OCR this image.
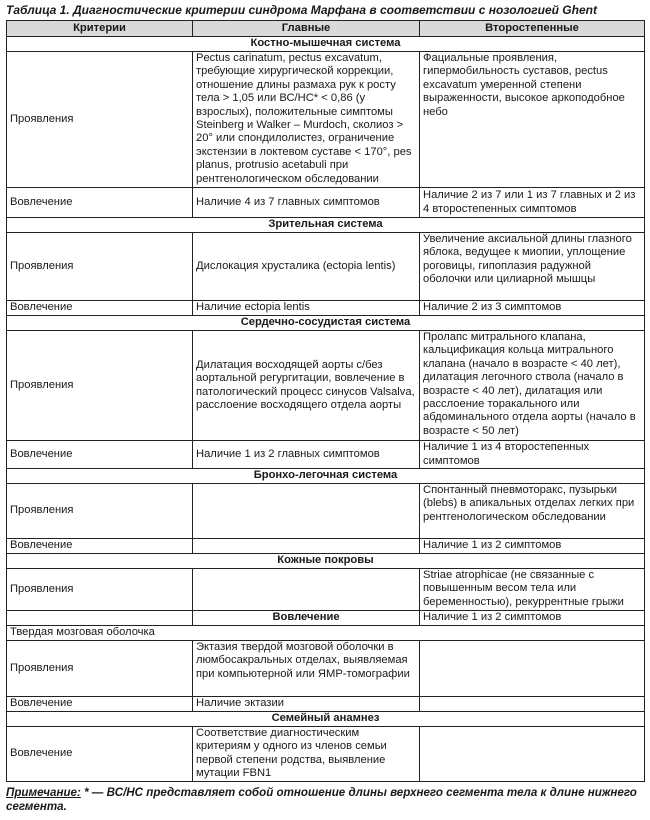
Таблица 1. Диагностические критерии синдрома Марфана в соответствии с нозологией Ghent
Критерии	Главные	Второстепенные
Костно-мышечная система		
Проявления	Pectus carinatum, pectus excavatum, требующие хирургической коррекции, отношение длины размаха рук к росту тела > 1,05 или ВС/НС* < 0,86 (у взрослых), положительные симптомы Steinberg и Walker – Murdoch, сколиоз > 20° или спондилолистез, ограничение экстензии в локтевом суставе < 170°, pes planus, protrusio acetabuli при рентгенологическом обследовании	Фациальные проявления, гипермобильность суставов, pectus excavatum умеренной степени выраженности, высокое аркоподобное небо
Вовлечение	Наличие 4 из 7 главных симптомов	Наличие 2 из 7 или 1 из 7 главных и 2 из 4 второстепенных симптомов
Зрительная система		
Проявления	Дислокация хрусталика (ectopia lentis)	Увеличение аксиальной длины глазного яблока, ведущее к миопии, уплощение роговицы, гипоплазия радужной оболочки или цилиарной мышцы
Вовлечение	Наличие ectopia lentis	Наличие 2 из 3 симптомов
Сердечно-сосудистая система		
Проявления	Дилатация восходящей аорты с/без аортальной регургитации, вовлечение в патологический процесс синусов Valsalva, расслоение восходящего отдела аорты	Пролапс митрального клапана, кальцификация кольца митрального клапана (начало в возрасте < 40 лет), дилатация легочного ствола (начало в возрасте < 40 лет), дилатация или расслоение торакального или абдоминального отдела аорты (начало в возрасте < 50 лет)
Вовлечение	Наличие 1 из 2 главных симптомов	Наличие 1 из 4 второстепенных симптомов
Бронхо-легочная система		
Проявления		Спонтанный пневмоторакс, пузырьки (blebs) в апикальных отделах легких при рентгенологическом обследовании
Вовлечение		Наличие 1 из 2 симптомов
Кожные покровы		
Проявления		Striae atrophicae (не связанные с повышенным весом тела или беременностью), рекуррентные грыжи
	Вовлечение	Наличие 1 из 2 симптомов
Твердая мозговая оболочка		
Проявления	Эктазия твердой мозговой оболочки в люмбосакральных отделах, выявляемая при компьютерной или ЯМР-томографии	
Вовлечение	Наличие эктазии	
Семейный анамнез		
Вовлечение	Соответствие диагностическим критериям у одного из членов семьи первой степени родства, выявление мутации FBN1	
Примечание: * — ВС/НС представляет собой отношение длины верхнего сегмента тела к длине нижнего сегмента.
